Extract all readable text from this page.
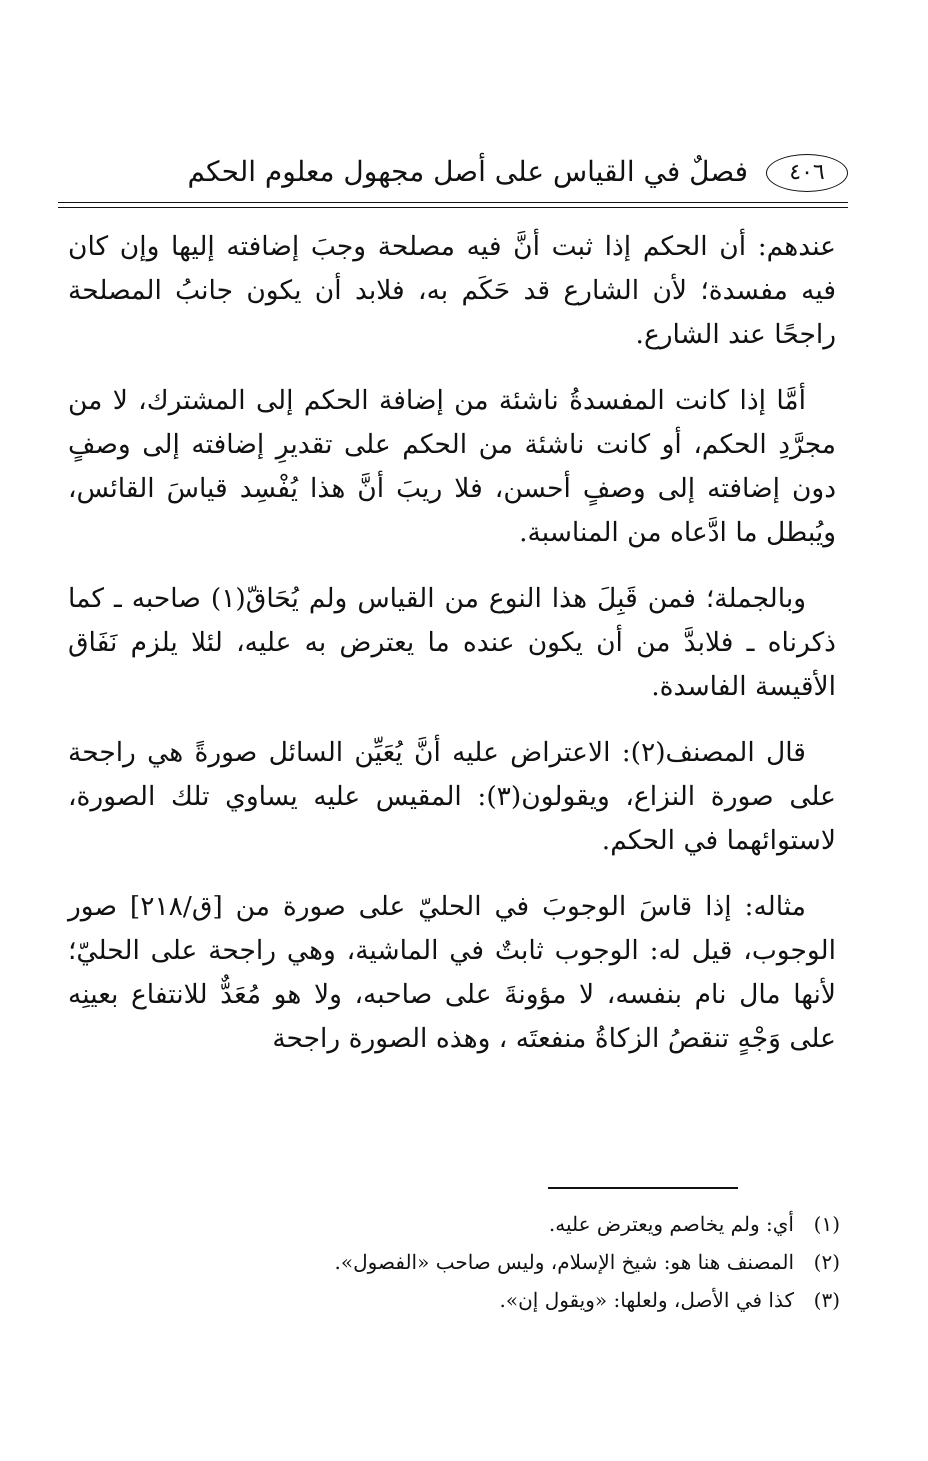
٤٠٦
فصلٌ في القياس على أصل مجهول معلوم الحكم

عندهم: أن الحكم إذا ثبت أنَّ فيه مصلحة وجبَ إضافته إليها وإن كان فيه مفسدة؛ لأن الشارع قد حَكَم به، فلابد أن يكون جانبُ المصلحة راجحًا عند الشارع.

أمَّا إذا كانت المفسدةُ ناشئة من إضافة الحكم إلى المشترك، لا من مجرَّدِ الحكم، أو كانت ناشئة من الحكم على تقديرِ إضافته إلى وصفٍ دون إضافته إلى وصفٍ أحسن، فلا ريبَ أنَّ هذا يُفْسِد قياسَ القائس، ويُبطل ما ادَّعاه من المناسبة.

وبالجملة؛ فمن قَبِلَ هذا النوع من القياس ولم يُحَاقّ(١) صاحبه ـ كما ذكرناه ـ فلابدَّ من أن يكون عنده ما يعترض به عليه، لئلا يلزم نَفَاق الأقيسة الفاسدة.

قال المصنف(٢): الاعتراض عليه أنَّ يُعَيِّن السائل صورةً هي راجحة على صورة النزاع، ويقولون(٣): المقيس عليه يساوي تلك الصورة، لاستوائهما في الحكم.

مثاله: إذا قاسَ الوجوبَ في الحليّ على صورة من [ق/٢١٨] صور الوجوب، قيل له: الوجوب ثابتٌ في الماشية، وهي راجحة على الحليّ؛ لأنها مال نام بنفسه، لا مؤونةَ على صاحبه، ولا هو مُعَدٌّ للانتفاع بعينِه على وَجْهٍ تنقصُ الزكاةُ منفعتَه ، وهذه الصورة راجحة

(١)أي: ولم يخاصم ويعترض عليه.
(٢)المصنف هنا هو: شيخ الإسلام، وليس صاحب «الفصول».
(٣)كذا في الأصل، ولعلها: «ويقول إن».
